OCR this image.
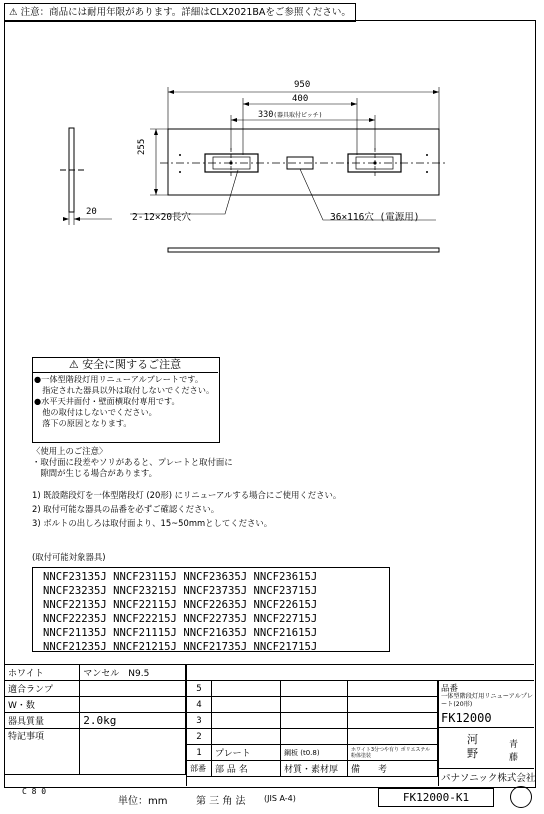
⚠ 注意：商品には耐用年限があります。詳細はCLX2021BAをご参照ください。
950
400
330(器具取付ピッチ)
255
20	2-12×20長穴	36×116穴 (電源用)
⚠ 安全に関するご注意
●一体型階段灯用リニューアルプレートです。
　指定された器具以外は取付しないでください。
●水平天井面付・壁面横取付専用です。
　他の取付はしないでください。
　落下の原因となります。
〈使用上のご注意〉
・取付面に段差やソリがあると、プレートと取付面に
　隙間が生じる場合があります。
1) 既設階段灯を一体型階段灯 (20形) にリニューアルする場合にご使用ください。
2) 取付可能な器具の品番を必ずご確認ください。
3) ボルトの出しろは取付面より、15~50mmとしてください。
(取付可能対象器具)
NNCF23135J NNCF23115J NNCF23635J NNCF23615J
NNCF23235J NNCF23215J NNCF23735J NNCF23715J
NNCF22135J NNCF22115J NNCF22635J NNCF22615J
NNCF22235J NNCF22215J NNCF22735J NNCF22715J
NNCF21135J NNCF21115J NNCF21635J NNCF21615J
NNCF21235J NNCF21215J NNCF21735J NNCF21715J
ホワイト	マンセル　N9.5
適合ランプ	
W・数	
器具質量	2.0kg
特記事項	
5			
4			
3			
2			
1	プレート	鋼板 (t0.8)	ホワイト3分つや有り ポリエステル粉体塗装
部番	部 品 名	材質・素材厚	備　　考
品番
一体型階段灯用リニューアルプレート(20形)
FK12000
河	青
野	藤
パナソニック株式会社
C 8 0
単位：mm	第 三 角 法 (JIS A-4)	FK12000-K1
